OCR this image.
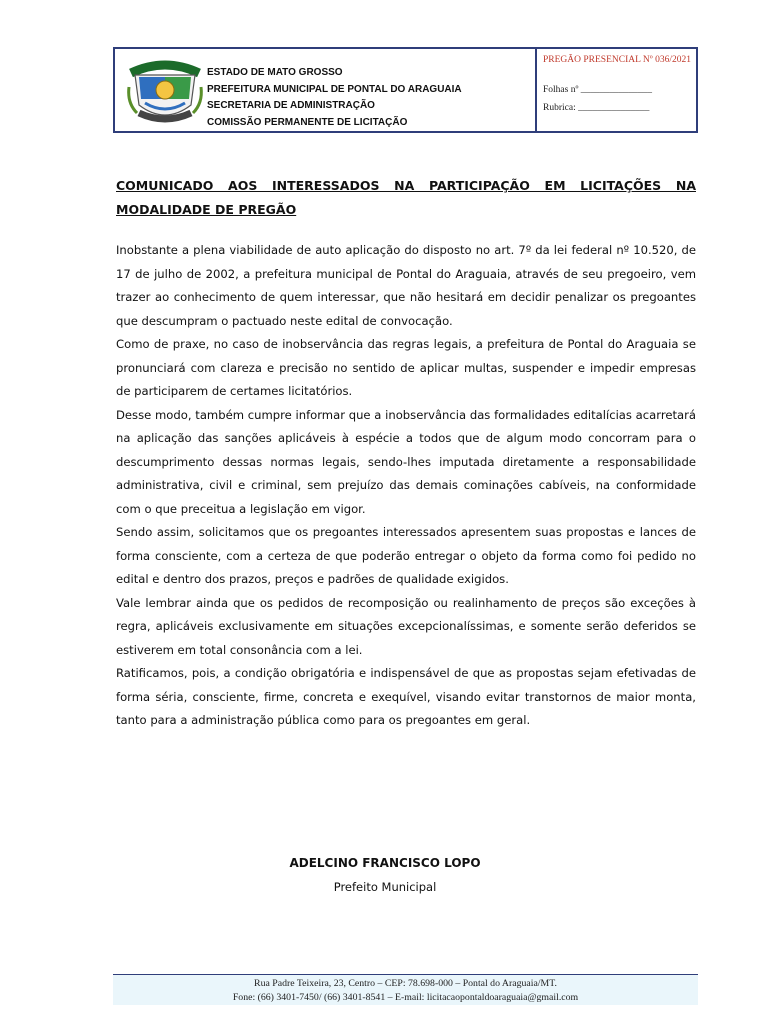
ESTADO DE MATO GROSSO
PREFEITURA MUNICIPAL DE PONTAL DO ARAGUAIA
SECRETARIA DE ADMINISTRAÇÃO
COMISSÃO PERMANENTE DE LICITAÇÃO
PREGÃO PRESENCIAL Nº 036/2021
Folhas nº _______________
Rubrica: _______________
COMUNICADO AOS INTERESSADOS NA PARTICIPAÇÃO EM LICITAÇÕES NA
MODALIDADE DE PREGÃO

Inobstante a plena viabilidade de auto aplicação do disposto no art. 7º da lei federal nº 10.520, de 17 de julho de 2002, a prefeitura municipal de Pontal do Araguaia, através de seu pregoeiro, vem trazer ao conhecimento de quem interessar, que não hesitará em decidir penalizar os pregoantes que descumpram o pactuado neste edital de convocação.

Como de praxe, no caso de inobservância das regras legais, a prefeitura de Pontal do Araguaia se pronunciará com clareza e precisão no sentido de aplicar multas, suspender e impedir empresas de participarem de certames licitatórios.

Desse modo, também cumpre informar que a inobservância das formalidades editalícias acarretará na aplicação das sanções aplicáveis à espécie a todos que de algum modo concorram para o descumprimento dessas normas legais, sendo-lhes imputada diretamente a responsabilidade administrativa, civil e criminal, sem prejuízo das demais cominações cabíveis, na conformidade com o que preceitua a legislação em vigor.

Sendo assim, solicitamos que os pregoantes interessados apresentem suas propostas e lances de forma consciente, com a certeza de que poderão entregar o objeto da forma como foi pedido no edital e dentro dos prazos, preços e padrões de qualidade exigidos.

Vale lembrar ainda que os pedidos de recomposição ou realinhamento de preços são exceções à regra, aplicáveis exclusivamente em situações excepcionalíssimas, e somente serão deferidos se estiverem em total consonância com a lei.

Ratificamos, pois, a condição obrigatória e indispensável de que as propostas sejam efetivadas de forma séria, consciente, firme, concreta e exequível, visando evitar transtornos de maior monta, tanto para a administração pública como para os pregoantes em geral.

ADELCINO FRANCISCO LOPO
Prefeito Municipal
Rua Padre Teixeira, 23, Centro – CEP: 78.698-000 – Pontal do Araguaia/MT.
Fone: (66) 3401-7450/ (66) 3401-8541 – E-mail: licitacaopontaldoaraguaia@gmail.com
